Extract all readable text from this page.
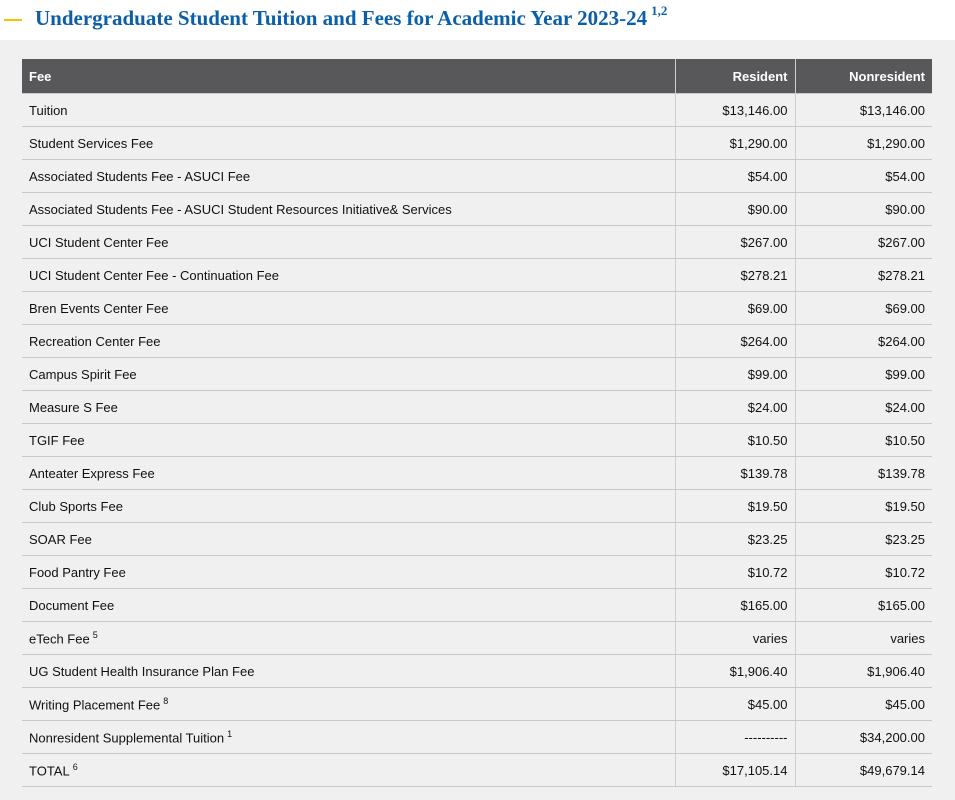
Undergraduate Student Tuition and Fees for Academic Year 2023-24 $^{1,2}$
Fee	Resident	Nonresident
Tuition	$13,146.00	$13,146.00
Student Services Fee	$1,290.00	$1,290.00
Associated Students Fee - ASUCI Fee	$54.00	$54.00
Associated Students Fee - ASUCI Student Resources Initiative& Services	$90.00	$90.00
UCI Student Center Fee	$267.00	$267.00
UCI Student Center Fee - Continuation Fee	$278.21	$278.21
Bren Events Center Fee	$69.00	$69.00
Recreation Center Fee	$264.00	$264.00
Campus Spirit Fee	$99.00	$99.00
Measure S Fee	$24.00	$24.00
TGIF Fee	$10.50	$10.50
Anteater Express Fee	$139.78	$139.78
Club Sports Fee	$19.50	$19.50
SOAR Fee	$23.25	$23.25
Food Pantry Fee	$10.72	$10.72
Document Fee	$165.00	$165.00
eTech Fee $^5$	varies	varies
UG Student Health Insurance Plan Fee	$1,906.40	$1,906.40
Writing Placement Fee $^8$	$45.00	$45.00
Nonresident Supplemental Tuition $^1$	----------	$34,200.00
TOTAL $^6$	$17,105.14	$49,679.14
